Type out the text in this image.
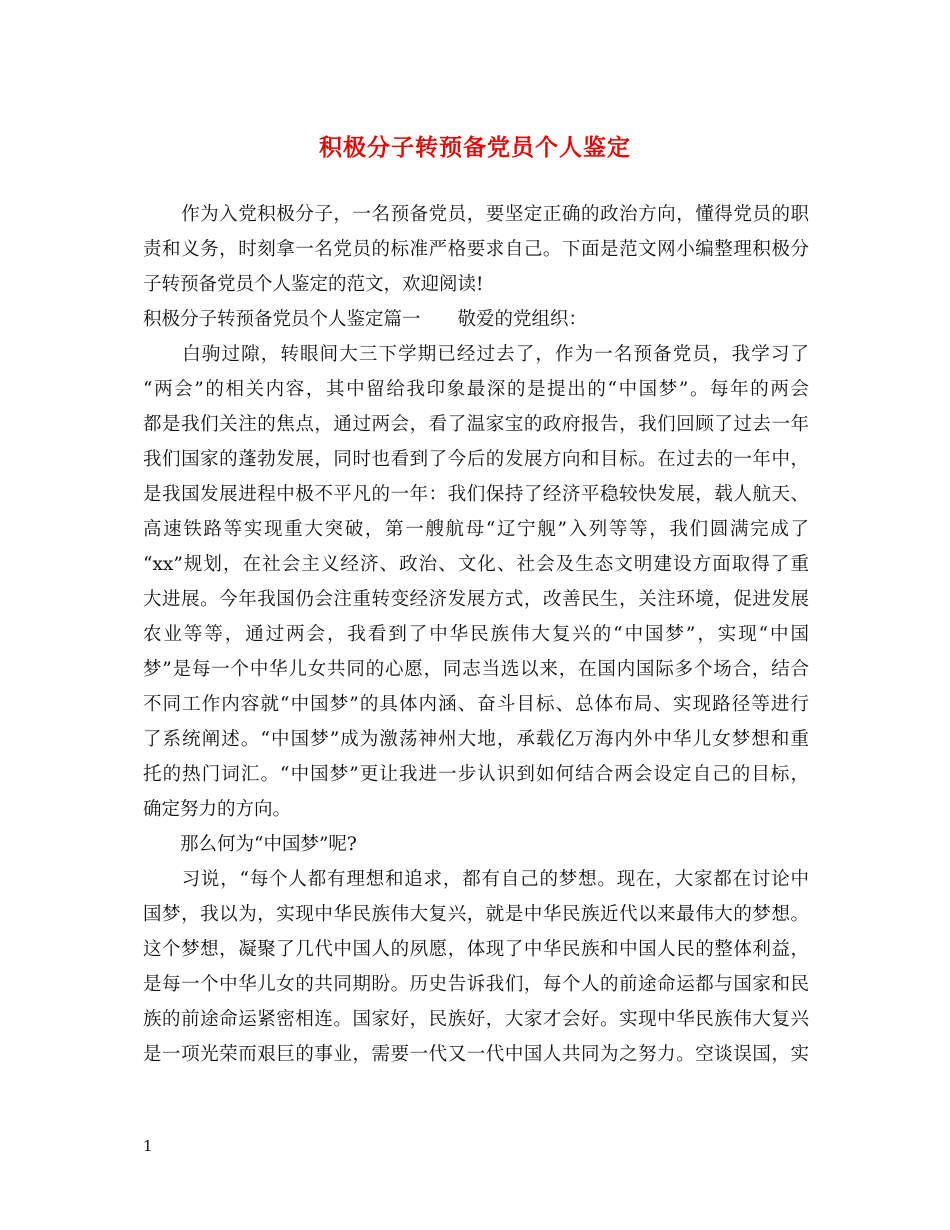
积极分子转预备党员个人鉴定
　　作为入党积极分子，一名预备党员，要坚定正确的政治方向，懂得党员的职
责和义务，时刻拿一名党员的标准严格要求自己。下面是范文网小编整理积极分
子转预备党员个人鉴定的范文，欢迎阅读!
积极分子转预备党员个人鉴定篇一　　敬爱的党组织：
　　白驹过隙，转眼间大三下学期已经过去了，作为一名预备党员，我学习了
“两会”的相关内容，其中留给我印象最深的是提出的“中国梦”。每年的两会
都是我们关注的焦点，通过两会，看了温家宝的政府报告，我们回顾了过去一年
我们国家的蓬勃发展，同时也看到了今后的发展方向和目标。在过去的一年中，
是我国发展进程中极不平凡的一年：我们保持了经济平稳较快发展，载人航天、
高速铁路等实现重大突破，第一艘航母“辽宁舰”入列等等，我们圆满完成了
“xx”规划，在社会主义经济、政治、文化、社会及生态文明建设方面取得了重
大进展。今年我国仍会注重转变经济发展方式，改善民生，关注环境，促进发展
农业等等，通过两会，我看到了中华民族伟大复兴的“中国梦”，实现“中国
梦”是每一个中华儿女共同的心愿，同志当选以来，在国内国际多个场合，结合
不同工作内容就“中国梦”的具体内涵、奋斗目标、总体布局、实现路径等进行
了系统阐述。“中国梦”成为激荡神州大地，承载亿万海内外中华儿女梦想和重
托的热门词汇。“中国梦”更让我进一步认识到如何结合两会设定自己的目标，
确定努力的方向。
　　那么何为“中国梦”呢?
　　习说，“每个人都有理想和追求，都有自己的梦想。现在，大家都在讨论中
国梦，我以为，实现中华民族伟大复兴，就是中华民族近代以来最伟大的梦想。
这个梦想，凝聚了几代中国人的夙愿，体现了中华民族和中国人民的整体利益，
是每一个中华儿女的共同期盼。历史告诉我们，每个人的前途命运都与国家和民
族的前途命运紧密相连。国家好，民族好，大家才会好。实现中华民族伟大复兴
是一项光荣而艰巨的事业，需要一代又一代中国人共同为之努力。空谈误国，实
1
